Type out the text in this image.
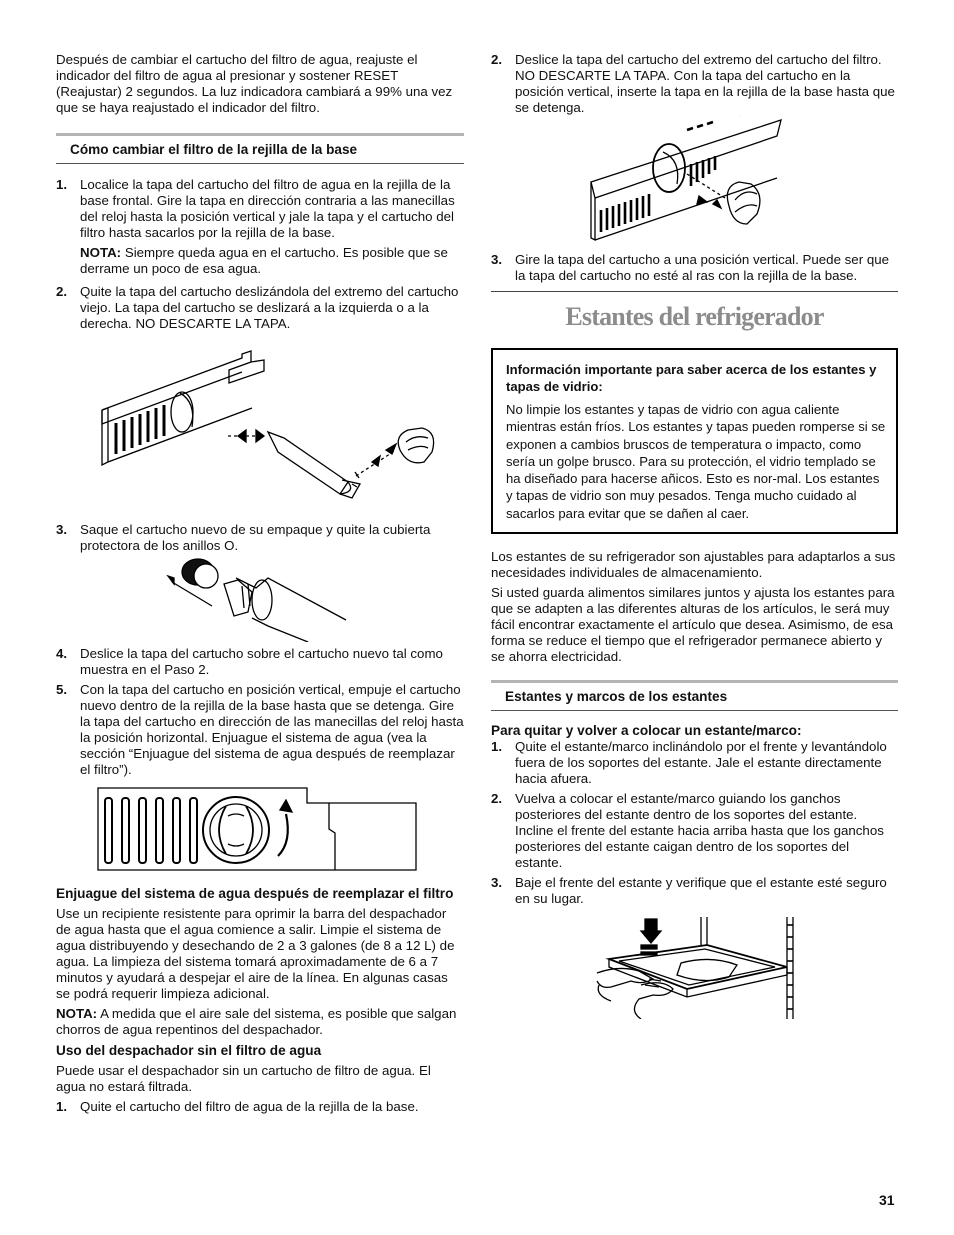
Después de cambiar el cartucho del filtro de agua, reajuste el indicador del filtro de agua al presionar y sostener RESET (Reajustar) 2 segundos. La luz indicadora cambiará a 99% una vez que se haya reajustado el indicador del filtro.

Cómo cambiar el filtro de la rejilla de la base
1. Localice la tapa del cartucho del filtro de agua en la rejilla de la base frontal. Gire la tapa en dirección contraria a las manecillas del reloj hasta la posición vertical y jale la tapa y el cartucho del filtro hasta sacarlos por la rejilla de la base.

NOTA: Siempre queda agua en el cartucho. Es posible que se derrame un poco de esa agua.

2. Quite la tapa del cartucho deslizándola del extremo del cartucho viejo. La tapa del cartucho se deslizará a la izquierda o a la derecha. NO DESCARTE LA TAPA.

3. Saque el cartucho nuevo de su empaque y quite la cubierta protectora de los anillos O.

4. Deslice la tapa del cartucho sobre el cartucho nuevo tal como muestra en el Paso 2.

5. Con la tapa del cartucho en posición vertical, empuje el cartucho nuevo dentro de la rejilla de la base hasta que se detenga. Gire la tapa del cartucho en dirección de las manecillas del reloj hasta la posición horizontal. Enjuague el sistema de agua (vea la sección “Enjuague del sistema de agua después de reemplazar el filtro”).

Enjuague del sistema de agua después de reemplazar el filtro

Use un recipiente resistente para oprimir la barra del despachador de agua hasta que el agua comience a salir. Limpie el sistema de agua distribuyendo y desechando de 2 a 3 galones (de 8 a 12 L) de agua. La limpieza del sistema tomará aproximadamente de 6 a 7 minutos y ayudará a despejar el aire de la línea. En algunas casas se podrá requerir limpieza adicional.

NOTA: A medida que el aire sale del sistema, es posible que salgan chorros de agua repentinos del despachador.

Uso del despachador sin el filtro de agua

Puede usar el despachador sin un cartucho de filtro de agua. El agua no estará filtrada.

1. Quite el cartucho del filtro de agua de la rejilla de la base.

2. Deslice la tapa del cartucho del extremo del cartucho del filtro. NO DESCARTE LA TAPA. Con la tapa del cartucho en la posición vertical, inserte la tapa en la rejilla de la base hasta que se detenga.

3. Gire la tapa del cartucho a una posición vertical. Puede ser que la tapa del cartucho no esté al ras con la rejilla de la base.

Estantes del refrigerador
Información importante para saber acerca de los estantes y tapas de vidrio:

No limpie los estantes y tapas de vidrio con agua caliente mientras están fríos. Los estantes y tapas pueden romperse si se exponen a cambios bruscos de temperatura o impacto, como sería un golpe brusco. Para su protección, el vidrio templado se ha diseñado para hacerse añicos. Esto es nor-mal. Los estantes y tapas de vidrio son muy pesados. Tenga mucho cuidado al sacarlos para evitar que se dañen al caer.

Los estantes de su refrigerador son ajustables para adaptarlos a sus necesidades individuales de almacenamiento.

Si usted guarda alimentos similares juntos y ajusta los estantes para que se adapten a las diferentes alturas de los artículos, le será muy fácil encontrar exactamente el artículo que desea. Asimismo, de esa forma se reduce el tiempo que el refrigerador permanece abierto y se ahorra electricidad.

Estantes y marcos de los estantes

Para quitar y volver a colocar un estante/marco:

1. Quite el estante/marco inclinándolo por el frente y levantándolo fuera de los soportes del estante. Jale el estante directamente hacia afuera.

2. Vuelva a colocar el estante/marco guiando los ganchos posteriores del estante dentro de los soportes del estante. Incline el frente del estante hacia arriba hasta que los ganchos posteriores del estante caigan dentro de los soportes del estante.

3. Baje el frente del estante y verifique que el estante esté seguro en su lugar.

31
